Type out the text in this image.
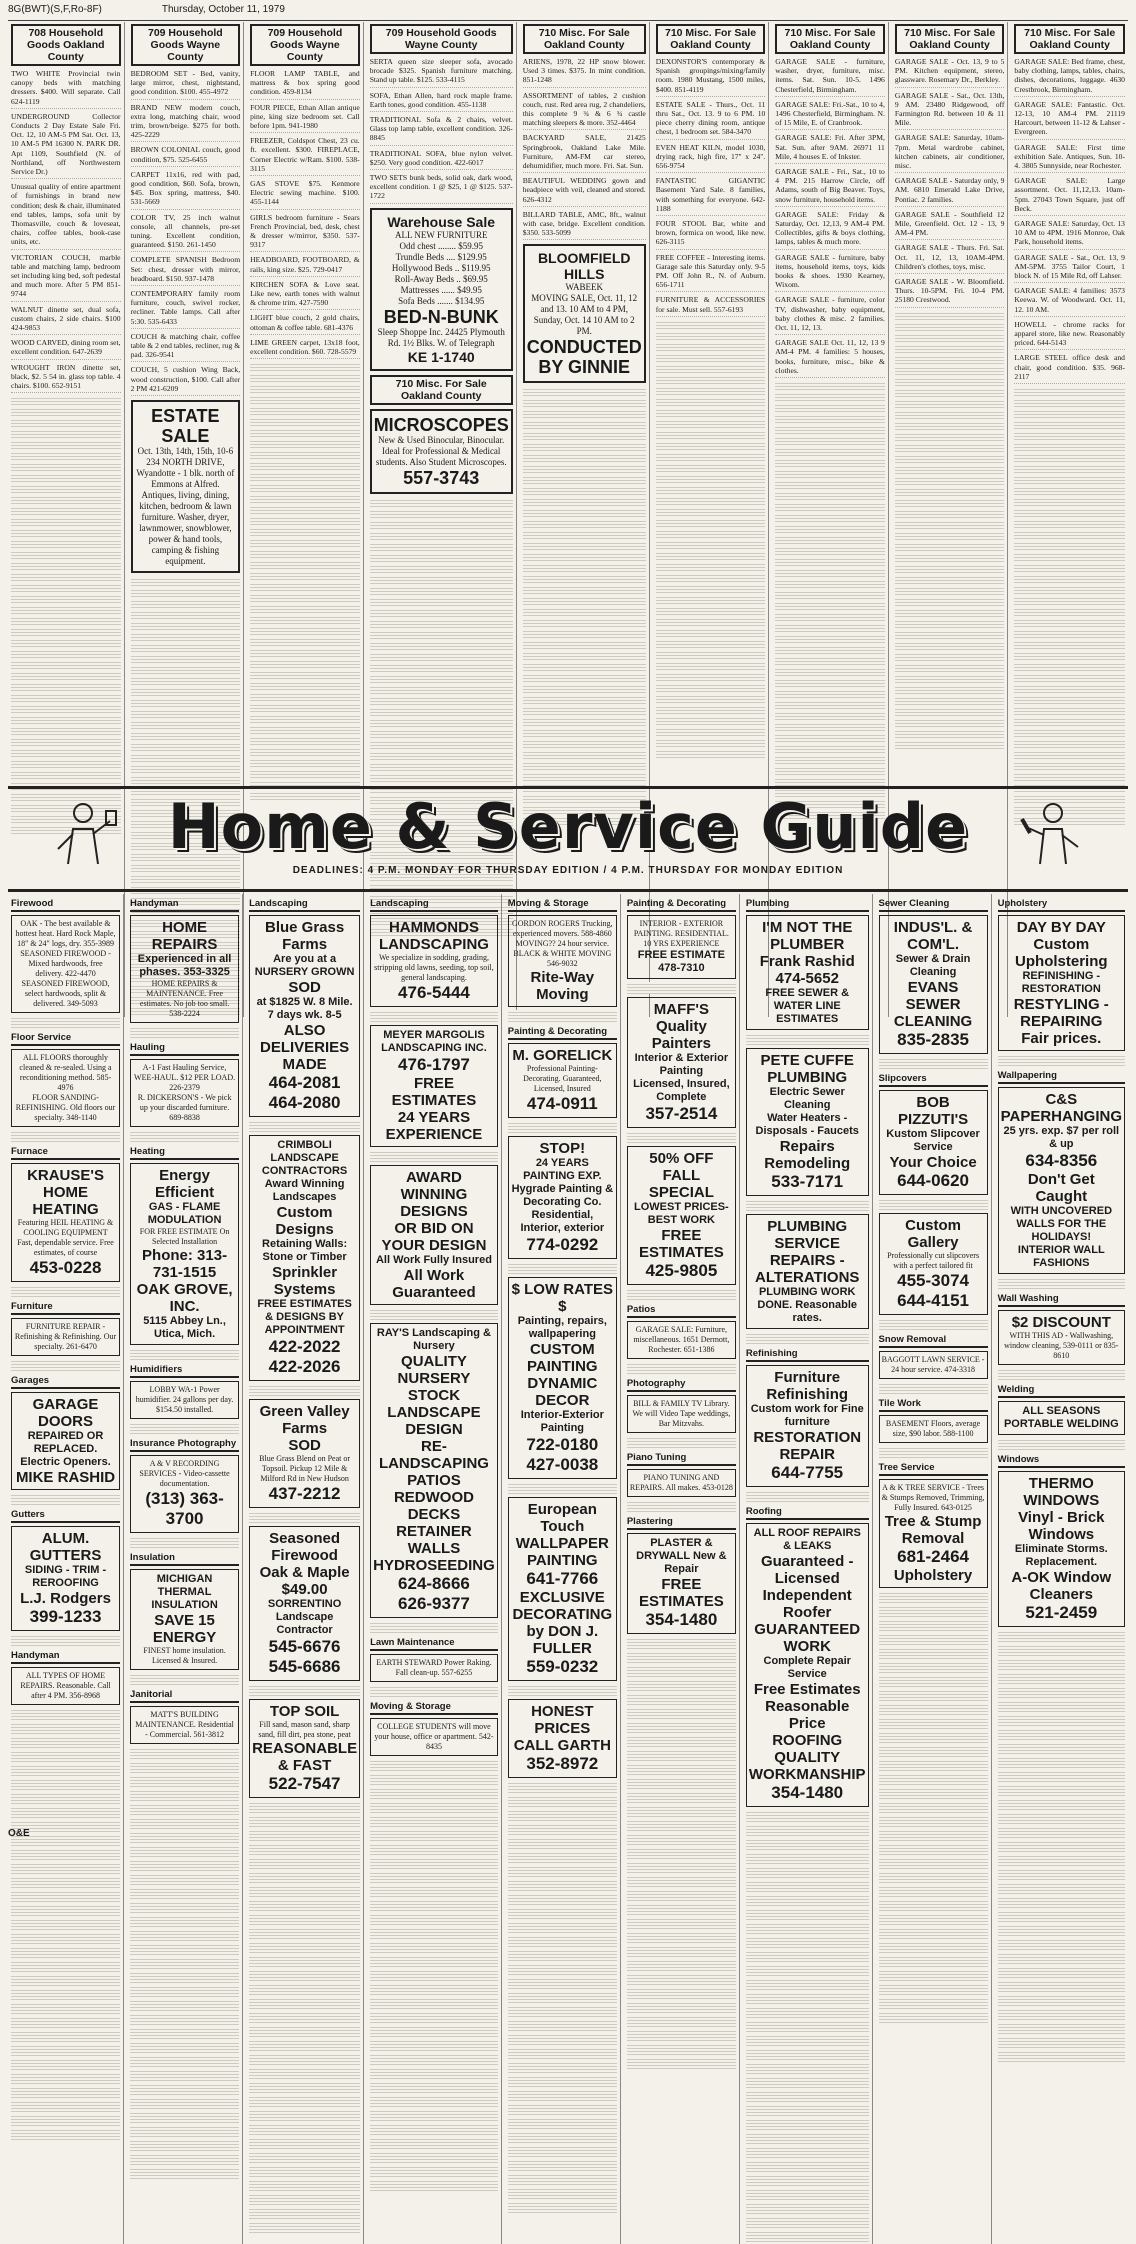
8G(BWT)(S,F,Ro-8F)	Thursday, October 11, 1979
708 Household Goods Oakland County
TWO WHITE Provincial twin canopy beds with matching dressers. $400. Will separate. Call 624-1119
UNDERGROUND Collector Conducts 2 Day Estate Sale Fri. Oct. 12, 10 AM-5 PM Sat. Oct. 13, 10 AM-5 PM 16300 N. PARK DR. Apt 1109, Southfield (N. of Northland, off Northwestern Service Dr.)
Unusual quality of entire apartment of furnishings in brand new condition; desk & chair, illuminated end tables, lamps, sofa unit by Thomasville, couch & loveseat, chairs, coffee tables, book-case units, etc.
VICTORIAN COUCH, marble table and matching lamp, bedroom set including king bed, soft pedestal and much more. After 5 PM 851-9744
WALNUT dinette set, dual sofa, custom chairs, 2 side chairs. $100 424-9853
WOOD CARVED, dining room set, excellent condition. 647-2639
WROUGHT IRON dinette set, black, $2. 5 54 in. glass top table. 4 chairs. $100. 652-9151
709 Household Goods Wayne County
BEDROOM SET - Bed, vanity, large mirror, chest, nightstand, good condition. $100. 455-4972
BRAND NEW modern couch, extra long, matching chair, wood trim, brown/beige. $275 for both. 425-2229
BROWN COLONIAL couch, good condition, $75. 525-6455
CARPET 11x16, red with pad, good condition, $60. Sofa, brown, $45. Box spring, mattress, $40. 531-5669
COLOR TV, 25 inch walnut console, all channels, pre-set tuning. Excellent condition, guaranteed. $150. 261-1450
COMPLETE SPANISH Bedroom Set: chest, dresser with mirror, headboard. $150. 937-1478
CONTEMPORARY family room furniture, couch, swivel rocker, recliner. Table lamps. Call after 5:30. 535-6433
COUCH & matching chair, coffee table & 2 end tables, recliner, rug & pad. 326-9541
COUCH, 5 cushion Wing Back, wood construction, $100. Call after 2 PM 421-6209
ESTATE SALE
Oct. 13th, 14th, 15th, 10-6
234 NORTH DRIVE, Wyandotte - 1 blk. north of Emmons at Alfred.
Antiques, living, dining, kitchen, bedroom & lawn furniture. Washer, dryer, lawnmower, snowblower, power & hand tools, camping & fishing equipment.
709 Household Goods Wayne County
FLOOR LAMP TABLE, and mattress & box spring good condition. 459-8134
FOUR PIECE, Ethan Allan antique pine, king size bedroom set. Call before 1pm. 941-1980
FREEZER, Coldspot Chest, 23 cu. ft. excellent. $300. FIREPLACE, Corner Electric w/Ram. $100. 538-3115
GAS STOVE $75. Kenmore Electric sewing machine. $100. 455-1144
GIRLS bedroom furniture - Sears French Provincial, bed, desk, chest & dresser w/mirror, $350. 537-9317
HEADBOARD, FOOTBOARD, & rails, king size. $25. 729-0417
KIRCHEN SOFA & Love seat. Like new, earth tones with walnut & chrome trim. 427-7590
LIGHT blue couch, 2 gold chairs, ottoman & coffee table. 681-4376
LIME GREEN carpet, 13x18 foot, excellent condition. $60. 728-5579
709 Household Goods Wayne County
SERTA queen size sleeper sofa, avocado brocade $325. Spanish furniture matching. Stand up table. $125. 533-4115
SOFA, Ethan Allen, hard rock maple frame. Earth tones, good condition. 455-1138
TRADITIONAL Sofa & 2 chairs, velvet. Glass top lamp table, excellent condition. 326-8845
TRADITIONAL SOFA, blue nylon velvet. $250. Very good condition. 422-6017
TWO SETS bunk beds, solid oak, dark wood, excellent condition. 1 @ $25, 1 @ $125. 537-1722
Warehouse Sale
ALL NEW FURNITURE
Odd chest ........ $59.95
Trundle Beds .... $129.95
Hollywood Beds .. $119.95
Roll-Away Beds .. $69.95
Mattresses ...... $49.95
Sofa Beds ....... $134.95
BED-N-BUNK
Sleep Shoppe Inc. 24425 Plymouth Rd. 1½ Blks. W. of Telegraph
KE 1-1740
710 Misc. For Sale Oakland County
MICROSCOPES
New & Used Binocular, Binocular. Ideal for Professional & Medical students. Also Student Microscopes.
557-3743
710 Misc. For Sale Oakland County
ARIENS, 1978, 22 HP snow blower. Used 3 times. $375. In mint condition. 851-1248
ASSORTMENT of tables, 2 cushion couch, rust. Red area rug, 2 chandeliers, this complete 9 ¾ & 6 ¾ castle matching sleepers & more. 352-4464
BACKYARD SALE, 21425 Springbrook, Oakland Lake Mile. Furniture, AM-FM car stereo, dehumidifier, much more. Fri. Sat. Sun.
BEAUTIFUL WEDDING gown and headpiece with veil, cleaned and stored. 626-4312
BILLARD TABLE, AMC, 8ft., walnut with case, bridge. Excellent condition. $350. 533-5099
BLOOMFIELD HILLS
WABEEK
MOVING SALE, Oct. 11, 12 and 13. 10 AM to 4 PM, Sunday, Oct. 14 10 AM to 2 PM.
CONDUCTED BY GINNIE
710 Misc. For Sale Oakland County
DEXONSTOR'S contemporary & Spanish groupings/mixing/family room. 1980 Mustang, 1500 miles, $400. 851-4119
ESTATE SALE - Thurs., Oct. 11 thru Sat., Oct. 13. 9 to 6 PM. 10 piece cherry dining room, antique chest, 1 bedroom set. 584-3470
EVEN HEAT KILN, model 1030, drying rack, high fire, 17" x 24". 656-9754
FANTASTIC GIGANTIC Basement Yard Sale. 8 families, with something for everyone. 642-1188
FOUR STOOL Bar, white and brown, formica on wood, like new. 626-3115
FREE COFFEE - Interesting items. Garage sale this Saturday only. 9-5 PM. Off John R., N. of Auburn. 656-1711
FURNITURE & ACCESSORIES for sale. Must sell. 557-6193
710 Misc. For Sale Oakland County
GARAGE SALE - furniture, washer, dryer, furniture, misc. items. Sat. Sun. 10-5. 1496 Chesterfield, Birmingham.
GARAGE SALE: Fri.-Sat., 10 to 4, 1496 Chesterfield, Birmingham. N. of 15 Mile, E. of Cranbrook.
GARAGE SALE: Fri. After 3PM, Sat. Sun. after 9AM. 26971 11 Mile, 4 houses E. of Inkster.
GARAGE SALE - Fri., Sat., 10 to 4 PM. 215 Harrow Circle, off Adams, south of Big Beaver. Toys, snow furniture, household items.
GARAGE SALE: Friday & Saturday, Oct. 12,13, 9 AM-4 PM. Collectibles, gifts & boys clothing, lamps, tables & much more.
GARAGE SALE - furniture, baby items, household items, toys, kids books & shoes. 1930 Kearney, Wixom.
GARAGE SALE - furniture, color TV, dishwasher, baby equipment, baby clothes & misc. 2 families. Oct. 11, 12, 13.
GARAGE SALE Oct. 11, 12, 13 9 AM-4 PM. 4 families: 5 houses, books, furniture, misc., bike & clothes.
710 Misc. For Sale Oakland County
GARAGE SALE - Oct. 13, 9 to 5 PM. Kitchen equipment, stereo, glassware. Rosemary Dr., Berkley.
GARAGE SALE - Sat., Oct. 13th, 9 AM. 23480 Ridgewood, off Farmington Rd. between 10 & 11 Mile.
GARAGE SALE: Saturday, 10am-7pm. Metal wardrobe cabinet, kitchen cabinets, air conditioner, misc.
GARAGE SALE - Saturday only, 9 AM. 6810 Emerald Lake Drive, Pontiac. 2 families.
GARAGE SALE - Southfield 12 Mile, Greenfield. Oct. 12 - 13, 9 AM-4 PM.
GARAGE SALE - Thurs. Fri. Sat. Oct. 11, 12, 13, 10AM-4PM. Children's clothes, toys, misc.
GARAGE SALE - W. Bloomfield. Thurs. 10-5PM. Fri. 10-4 PM. 25180 Crestwood.
710 Misc. For Sale Oakland County
GARAGE SALE: Bed frame, chest, baby clothing, lamps, tables, chairs, dishes, decorations, luggage. 4630 Crestbrook, Birmingham.
GARAGE SALE: Fantastic. Oct. 12-13, 10 AM-4 PM. 21119 Harcourt, between 11-12 & Lahser - Evergreen.
GARAGE SALE: First time exhibition Sale. Antiques, Sun. 10-4. 3805 Sunnyside, near Rochester.
GARAGE SALE: Large assortment. Oct. 11,12,13. 10am-5pm. 27043 Town Square, just off Beck.
GARAGE SALE: Saturday, Oct. 13 10 AM to 4PM. 1916 Monroe, Oak Park, household items.
GARAGE SALE - Sat., Oct. 13, 9 AM-5PM. 3755 Tailor Court, 1 block N. of 15 Mile Rd, off Lahser.
GARAGE SALE: 4 families: 3573 Keewa. W. of Woodward. Oct. 11, 12. 10 AM.
HOWELL - chrome racks for apparel store, like new. Reasonably priced. 644-5143
LARGE STEEL office desk and chair, good condition. $35. 968-2117
Home & Service Guide
DEADLINES: 4 P.M. MONDAY FOR THURSDAY EDITION / 4 P.M. THURSDAY FOR MONDAY EDITION
Firewood
OAK - The best available & hottest heat. Hard Rock Maple, 18" & 24" logs, dry. 355-3989
SEASONED FIREWOOD - Mixed hardwoods, free delivery. 422-4470
SEASONED FIREWOOD, select hardwoods, split & delivered. 349-5093
Floor Service
ALL FLOORS thoroughly cleaned & re-sealed. Using a reconditioning method. 585-4976
FLOOR SANDING-REFINISHING. Old floors our specialty. 348-1140
Furnace
KRAUSE'S HOME HEATING
Featuring HEIL HEATING & COOLING EQUIPMENT
Fast, dependable service. Free estimates, of course
453-0228
Furniture
FURNITURE REPAIR - Refinishing & Refinishing. Our specialty. 261-6470
Garages
GARAGE DOORS
REPAIRED OR REPLACED. Electric Openers.
MIKE RASHID
Gutters
ALUM. GUTTERS
SIDING - TRIM - REROOFING
L.J. Rodgers
399-1233
Handyman
ALL TYPES OF HOME REPAIRS. Reasonable. Call after 4 PM. 356-8968
Handyman
HOME REPAIRS
Experienced in all phases. 353-3325
HOME REPAIRS & MAINTENANCE. Free estimates. No job too small. 538-2224
Hauling
A-1 Fast Hauling Service, WEE-HAUL. $12 PER LOAD. 226-2379
R. DICKERSON'S - We pick up your discarded furniture. 689-8838
Heating
Energy Efficient
GAS - FLAME MODULATION
FOR FREE ESTIMATE On Selected Installation
Phone: 313-731-1515
OAK GROVE, INC.
5115 Abbey Ln., Utica, Mich.
Humidifiers
LOBBY WA-1 Power humidifier. 24 gallons per day. $154.50 installed.
Insurance Photography
A & V RECORDING SERVICES - Video-cassette documentation.
(313) 363-3700
Insulation
MICHIGAN THERMAL INSULATION
SAVE 15 ENERGY
FINEST home insulation. Licensed & Insured.
Janitorial
MATT'S BUILDING MAINTENANCE. Residential - Commercial. 561-3812
Landscaping
Blue Grass Farms
Are you at a NURSERY GROWN
SOD
at $1825 W. 8 Mile. 7 days wk. 8-5
ALSO DELIVERIES MADE
464-2081
464-2080
CRIMBOLI LANDSCAPE CONTRACTORS
Award Winning Landscapes
Custom Designs
Retaining Walls: Stone or Timber
Sprinkler Systems
FREE ESTIMATES & DESIGNS BY APPOINTMENT
422-2022 422-2026
Green Valley Farms
SOD
Blue Grass Blend on Peat or Topsoil. Pickup 12 Mile & Milford Rd in New Hudson
437-2212
Seasoned Firewood
Oak & Maple $49.00
SORRENTINO Landscape Contractor
545-6676 545-6686
TOP SOIL
Fill sand, mason sand, sharp sand, fill dirt, pea stone, peat
REASONABLE & FAST
522-7547
Landscaping
HAMMONDS LANDSCAPING
We specialize in sodding, grading, stripping old lawns, seeding, top soil, general landscaping.
476-5444
MEYER MARGOLIS LANDSCAPING INC.
476-1797
FREE ESTIMATES
24 YEARS EXPERIENCE
AWARD WINNING DESIGNS
OR BID ON YOUR DESIGN
All Work Fully Insured
All Work Guaranteed
RAY'S Landscaping & Nursery
QUALITY NURSERY STOCK
LANDSCAPE DESIGN
RE-LANDSCAPING
PATIOS
REDWOOD DECKS
RETAINER WALLS
HYDROSEEDING
624-8666
626-9377
Lawn Maintenance
EARTH STEWARD Power Raking. Fall clean-up. 557-6255
Moving & Storage
COLLEGE STUDENTS will move your house, office or apartment. 542-8435
Moving & Storage
GORDON ROGERS Trucking, experienced movers. 588-4860
MOVING?? 24 hour service. BLACK & WHITE MOVING 546-9032
Rite-Way Moving
Painting & Decorating
M. GORELICK
Professional Painting-Decorating. Guaranteed, Licensed, Insured
474-0911
STOP!
24 YEARS PAINTING EXP.
Hygrade Painting & Decorating Co.
Residential, Interior, exterior
774-0292
$ LOW RATES $
Painting, repairs, wallpapering
CUSTOM PAINTING
DYNAMIC DECOR
Interior-Exterior Painting
722-0180 427-0038
European Touch
WALLPAPER PAINTING
641-7766
EXCLUSIVE DECORATING
by DON J. FULLER
559-0232
HONEST PRICES
CALL GARTH
352-8972
Painting & Decorating
INTERIOR - EXTERIOR PAINTING. RESIDENTIAL. 10 YRS EXPERIENCE
FREE ESTIMATE 478-7310
MAFF'S
Quality Painters
Interior & Exterior Painting
Licensed, Insured, Complete
357-2514
50% OFF
FALL SPECIAL
LOWEST PRICES-BEST WORK
FREE ESTIMATES
425-9805
Patios
GARAGE SALE: Furniture, miscellaneous. 1651 Dermott, Rochester. 651-1386
Photography
BILL & FAMILY TV Library. We will Video Tape weddings, Bar Mitzvahs.
Piano Tuning
PIANO TUNING AND REPAIRS. All makes. 453-0128
Plastering
PLASTER & DRYWALL New & Repair
FREE ESTIMATES
354-1480
Plumbing
I'M NOT THE PLUMBER
Frank Rashid 474-5652
FREE SEWER & WATER LINE ESTIMATES
PETE CUFFE PLUMBING
Electric Sewer Cleaning
Water Heaters - Disposals - Faucets
Repairs Remodeling
533-7171
PLUMBING SERVICE
REPAIRS - ALTERATIONS
PLUMBING WORK DONE. Reasonable rates.
Refinishing
Furniture Refinishing
Custom work for Fine furniture
RESTORATION REPAIR
644-7755
Roofing
ALL ROOF REPAIRS & LEAKS
Guaranteed - Licensed
Independent Roofer
GUARANTEED WORK
Complete Repair Service
Free Estimates
Reasonable Price
ROOFING
QUALITY WORKMANSHIP
354-1480
Sewer Cleaning
INDUS'L. & COM'L.
Sewer & Drain Cleaning
EVANS SEWER CLEANING
835-2835
Slipcovers
BOB PIZZUTI'S
Kustom Slipcover Service
Your Choice
644-0620
Custom Gallery
Professionally cut slipcovers with a perfect tailored fit
455-3074 644-4151
Snow Removal
BAGGOTT LAWN SERVICE - 24 hour service. 474-3318
Tile Work
BASEMENT Floors, average size, $90 labor. 588-1100
Tree Service
A & K TREE SERVICE - Trees & Stumps Removed, Trimming, Fully Insured. 643-0125
Tree & Stump Removal
681-2464
Upholstery
Upholstery
DAY BY DAY
Custom Upholstering
REFINISHING - RESTORATION
RESTYLING - REPAIRING
Fair prices.
Wallpapering
C&S PAPERHANGING
25 yrs. exp. $7 per roll & up
634-8356
Don't Get Caught
WITH UNCOVERED WALLS FOR THE HOLIDAYS!
INTERIOR WALL FASHIONS
Wall Washing
$2 DISCOUNT
WITH THIS AD - Wallwashing, window cleaning, 539-0111 or 835-8610
Welding
ALL SEASONS PORTABLE WELDING
Windows
THERMO WINDOWS
Vinyl - Brick Windows
Eliminate Storms. Replacement.
A-OK Window Cleaners
521-2459
O&E
